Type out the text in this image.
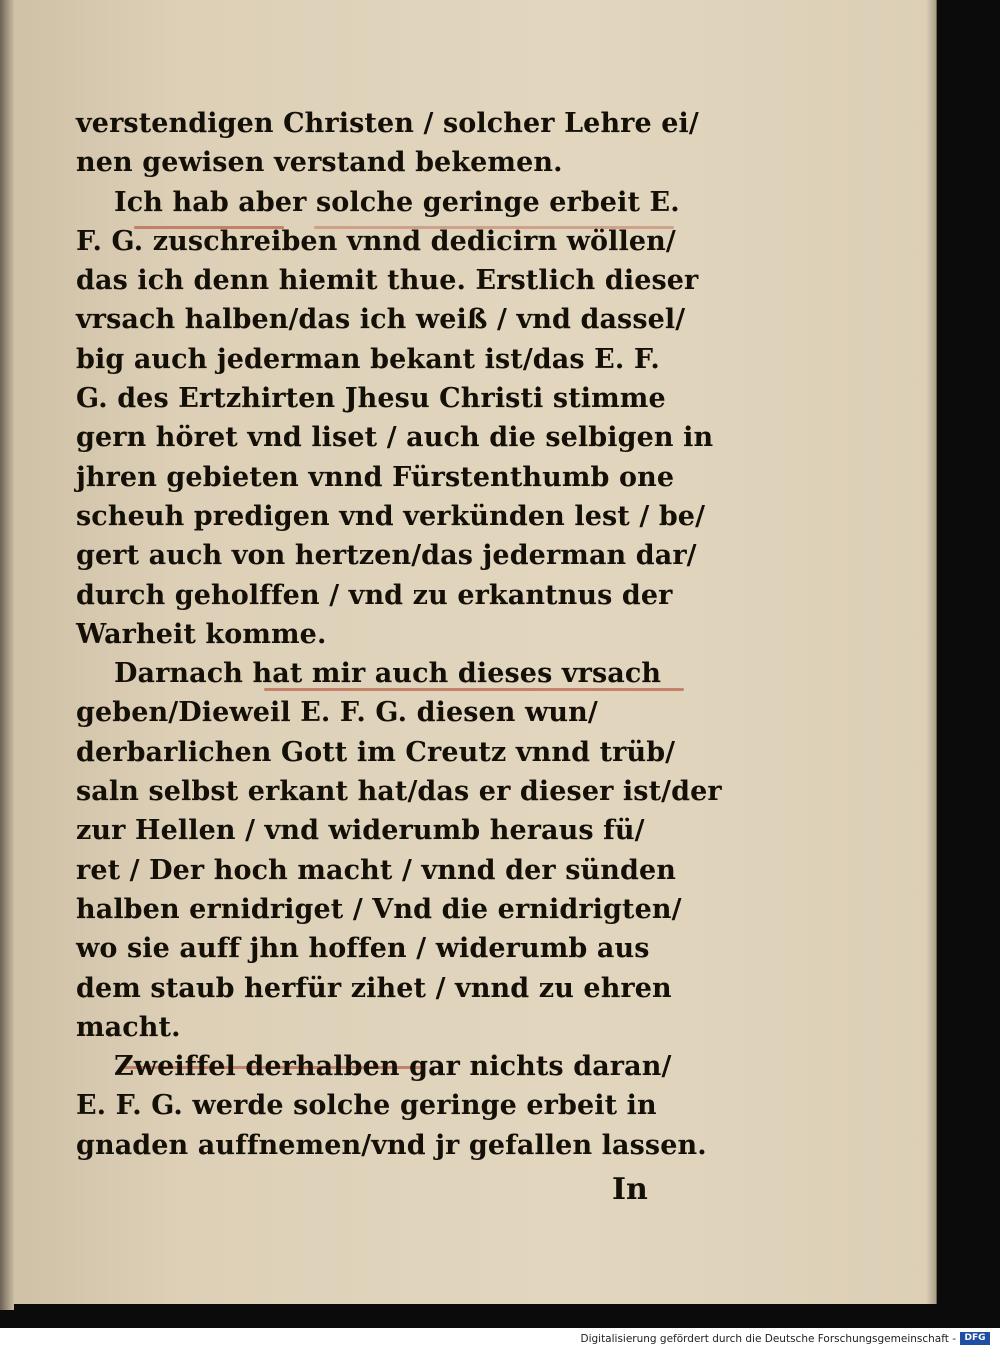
verstendigen Christen / solcher Lehre ei/
nen gewisen verstand bekemen.
Ich hab aber solche geringe erbeit E.
F. G. zuschreiben vnnd dedicirn wöllen/
das ich denn hiemit thue. Erstlich dieser
vrsach halben/das ich weiß / vnd dassel/
big auch jederman bekant ist/das E. F.
G. des Ertzhirten Jhesu Christi stimme
gern höret vnd liset / auch die selbigen in
jhren gebieten vnnd Fürstenthumb one
scheuh predigen vnd verkünden lest / be/
gert auch von hertzen/das jederman dar/
durch geholffen / vnd zu erkantnus der
Warheit komme.
Darnach hat mir auch dieses vrsach
geben/Dieweil E. F. G. diesen wun/
derbarlichen Gott im Creutz vnnd trüb/
saln selbst erkant hat/das er dieser ist/der
zur Hellen / vnd widerumb heraus fü/
ret / Der hoch macht / vnnd der sünden
halben ernidriget / Vnd die ernidrigten/
wo sie auff jhn hoffen / widerumb aus
dem staub herfür zihet / vnnd zu ehren
macht.
Zweiffel derhalben gar nichts daran/
E. F. G. werde solche geringe erbeit in
gnaden auffnemen/vnd jr gefallen lassen.
In
Digitalisierung gefördert durch die Deutsche Forschungsgemeinschaft - DFG
